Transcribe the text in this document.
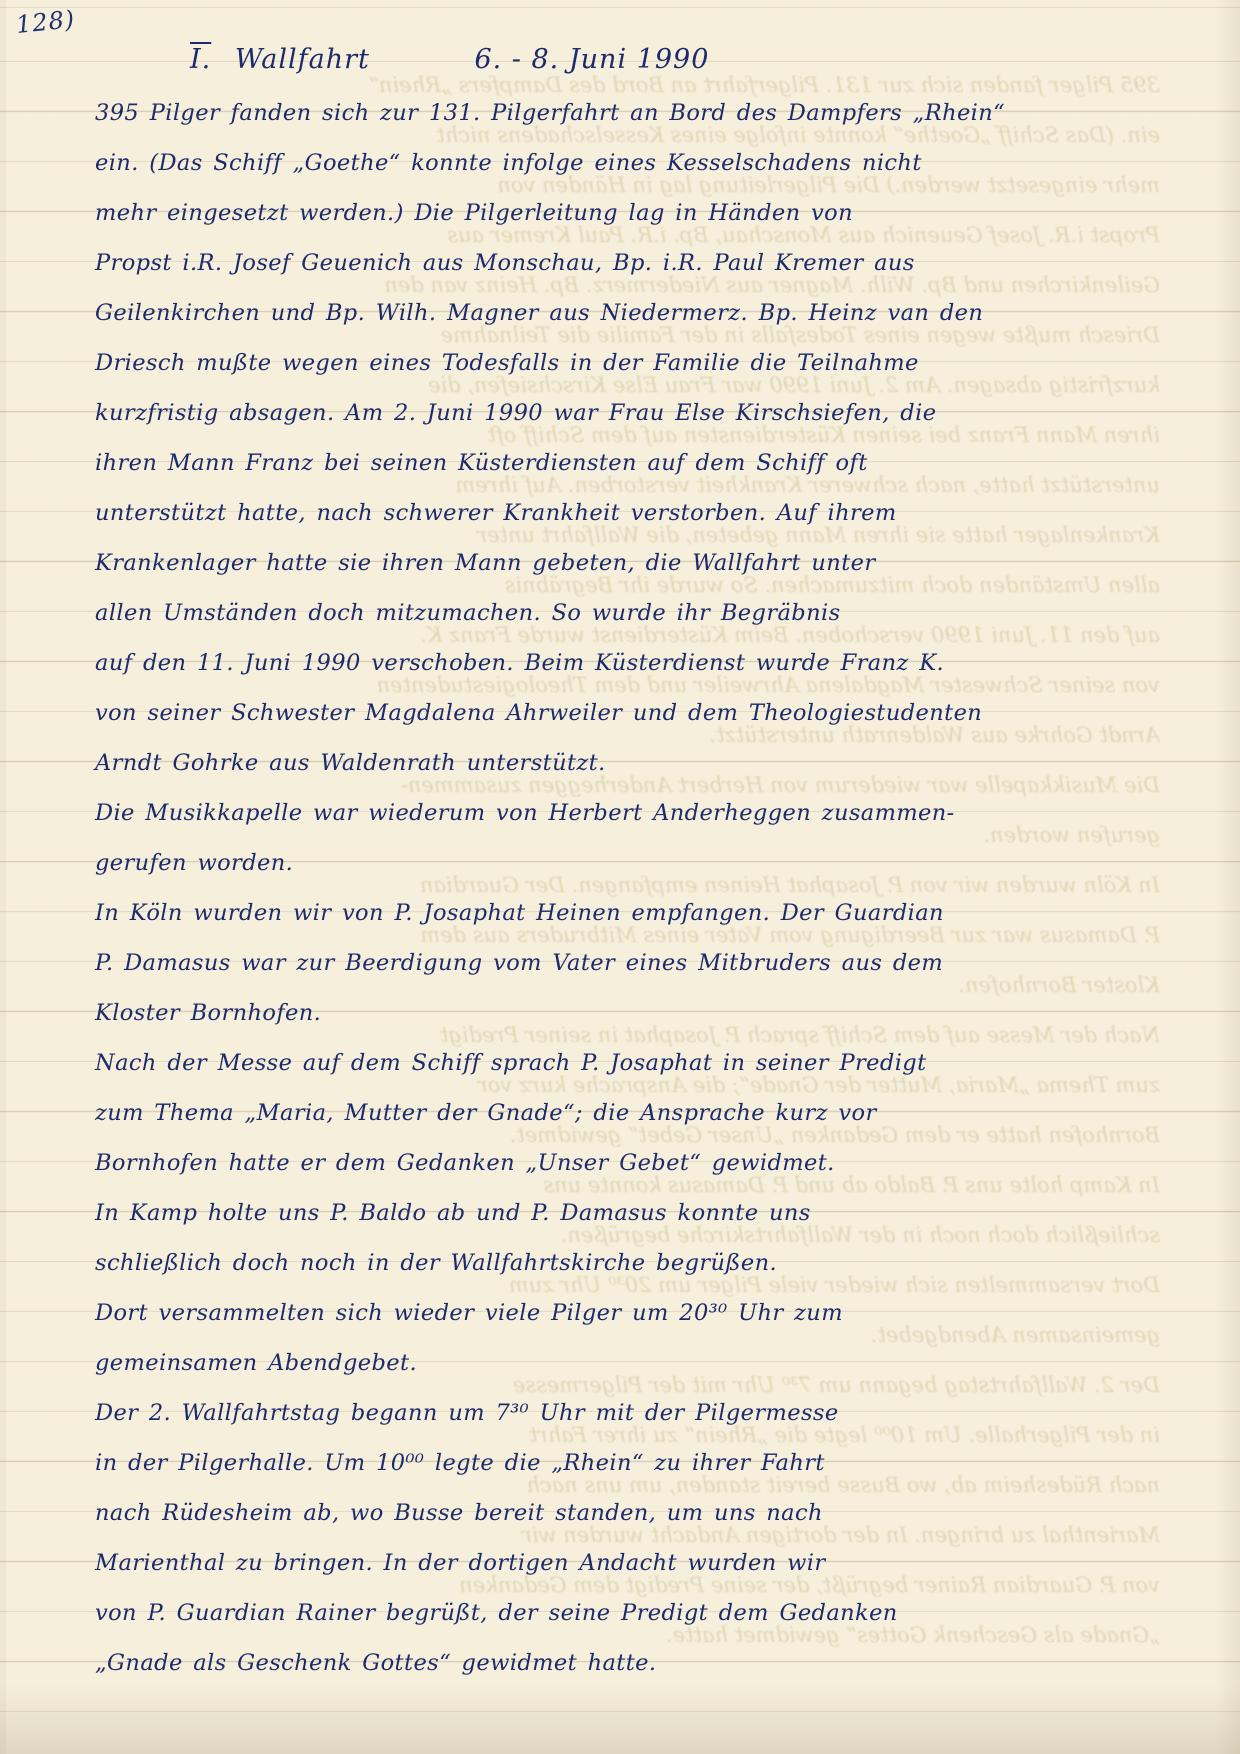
395 Pilger fanden sich zur 131. Pilgerfahrt an Bord des Dampfers „Rhein“
ein. (Das Schiff „Goethe“ konnte infolge eines Kesselschadens nicht
mehr eingesetzt werden.) Die Pilgerleitung lag in Händen von
Propst i.R. Josef Geuenich aus Monschau, Bp. i.R. Paul Kremer aus
Geilenkirchen und Bp. Wilh. Magner aus Niedermerz. Bp. Heinz van den
Driesch mußte wegen eines Todesfalls in der Familie die Teilnahme
kurzfristig absagen. Am 2. Juni 1990 war Frau Else Kirschsiefen, die
ihren Mann Franz bei seinen Küsterdiensten auf dem Schiff oft
unterstützt hatte, nach schwerer Krankheit verstorben. Auf ihrem
Krankenlager hatte sie ihren Mann gebeten, die Wallfahrt unter
allen Umständen doch mitzumachen. So wurde ihr Begräbnis
auf den 11. Juni 1990 verschoben. Beim Küsterdienst wurde Franz K.
von seiner Schwester Magdalena Ahrweiler und dem Theologiestudenten
Arndt Gohrke aus Waldenrath unterstützt.
Die Musikkapelle war wiederum von Herbert Anderheggen zusammen-
gerufen worden.
In Köln wurden wir von P. Josaphat Heinen empfangen. Der Guardian
P. Damasus war zur Beerdigung vom Vater eines Mitbruders aus dem
Kloster Bornhofen.
Nach der Messe auf dem Schiff sprach P. Josaphat in seiner Predigt
zum Thema „Maria, Mutter der Gnade“; die Ansprache kurz vor
Bornhofen hatte er dem Gedanken „Unser Gebet“ gewidmet.
In Kamp holte uns P. Baldo ab und P. Damasus konnte uns
schließlich doch noch in der Wallfahrtskirche begrüßen.
Dort versammelten sich wieder viele Pilger um 20³⁰ Uhr zum
gemeinsamen Abendgebet.
Der 2. Wallfahrtstag begann um 7³⁰ Uhr mit der Pilgermesse
in der Pilgerhalle. Um 10⁰⁰ legte die „Rhein“ zu ihrer Fahrt
nach Rüdesheim ab, wo Busse bereit standen, um uns nach
Marienthal zu bringen. In der dortigen Andacht wurden wir
von P. Guardian Rainer begrüßt, der seine Predigt dem Gedanken
„Gnade als Geschenk Gottes“ gewidmet hatte.
128)
I. Wallfahrt	6. - 8. Juni 1990
395 Pilger fanden sich zur 131. Pilgerfahrt an Bord des Dampfers „Rhein“
ein. (Das Schiff „Goethe“ konnte infolge eines Kesselschadens nicht
mehr eingesetzt werden.) Die Pilgerleitung lag in Händen von
Propst i.R. Josef Geuenich aus Monschau, Bp. i.R. Paul Kremer aus
Geilenkirchen und Bp. Wilh. Magner aus Niedermerz. Bp. Heinz van den
Driesch mußte wegen eines Todesfalls in der Familie die Teilnahme
kurzfristig absagen. Am 2. Juni 1990 war Frau Else Kirschsiefen, die
ihren Mann Franz bei seinen Küsterdiensten auf dem Schiff oft
unterstützt hatte, nach schwerer Krankheit verstorben. Auf ihrem
Krankenlager hatte sie ihren Mann gebeten, die Wallfahrt unter
allen Umständen doch mitzumachen. So wurde ihr Begräbnis
auf den 11. Juni 1990 verschoben. Beim Küsterdienst wurde Franz K.
von seiner Schwester Magdalena Ahrweiler und dem Theologiestudenten
Arndt Gohrke aus Waldenrath unterstützt.
Die Musikkapelle war wiederum von Herbert Anderheggen zusammen-
gerufen worden.
In Köln wurden wir von P. Josaphat Heinen empfangen. Der Guardian
P. Damasus war zur Beerdigung vom Vater eines Mitbruders aus dem
Kloster Bornhofen.
Nach der Messe auf dem Schiff sprach P. Josaphat in seiner Predigt
zum Thema „Maria, Mutter der Gnade“; die Ansprache kurz vor
Bornhofen hatte er dem Gedanken „Unser Gebet“ gewidmet.
In Kamp holte uns P. Baldo ab und P. Damasus konnte uns
schließlich doch noch in der Wallfahrtskirche begrüßen.
Dort versammelten sich wieder viele Pilger um 20³⁰ Uhr zum
gemeinsamen Abendgebet.
Der 2. Wallfahrtstag begann um 7³⁰ Uhr mit der Pilgermesse
in der Pilgerhalle. Um 10⁰⁰ legte die „Rhein“ zu ihrer Fahrt
nach Rüdesheim ab, wo Busse bereit standen, um uns nach
Marienthal zu bringen. In der dortigen Andacht wurden wir
von P. Guardian Rainer begrüßt, der seine Predigt dem Gedanken
„Gnade als Geschenk Gottes“ gewidmet hatte.
